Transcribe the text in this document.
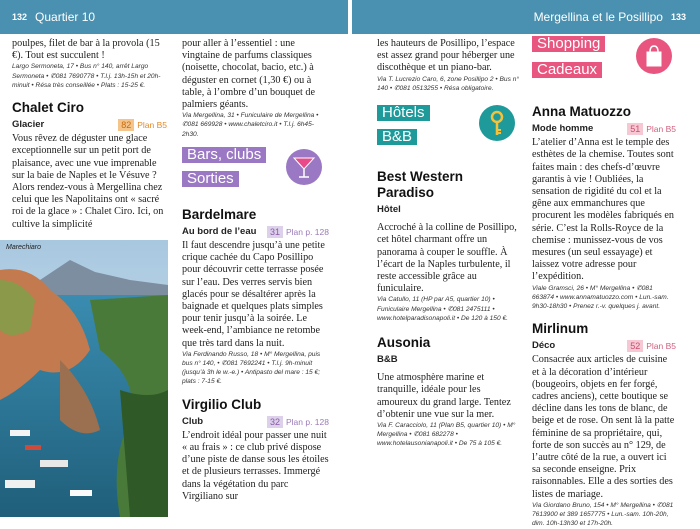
132 Quartier 10	Mergellina et le Posillipo 133

poulpes, filet de bar à la provola (15 €). Tout est succulent !

Largo Sermoneta, 17 • Bus n° 140, arrêt Largo Sermoneta • ✆081 7690778 • T.l.j. 13h-15h et 20h-minuit • Résa très conseillée • Plats : 15-25 €.

Chalet Ciro
Glacier	82 Plan B5

Vous rêvez de déguster une glace exceptionnelle sur un petit port de plaisance, avec une vue imprenable sur la baie de Naples et le Vésuve ? Alors rendez-vous à Mergellina chez celui que les Napolitains ont « sacré roi de la glace » : Chalet Ciro. Ici, on cultive la simplicité

Marechiaro

pour aller à l’essentiel : une vingtaine de parfums classiques (noisette, chocolat, bacio, etc.) à déguster en cornet (1,30 €) ou à table, à l’ombre d’un bouquet de palmiers géants.

Via Mergellina, 31 • Funiculaire de Mergellina • ✆081 669928 • www.chaletciro.it • T.l.j. 6h45-2h30.

Bars, clubs
Sorties
Bardelmare
Au bord de l’eau	31 Plan p. 128

Il faut descendre jusqu’à une petite crique cachée du Capo Posillipo pour découvrir cette terrasse posée sur l’eau. Des verres servis bien glacés pour se désaltérer après la baignade et quelques plats simples pour tenir jusqu’à la soirée. Le week-end, l’ambiance ne retombe que très tard dans la nuit.

Via Ferdinando Russo, 18 • M° Mergellina, puis bus n° 140, • ✆081 7692241 • T.l.j. 9h-minuit (jusqu’à 3h le w.-e.) • Antipasto del mare : 15 €; plats : 7-15 €.

Virgilio Club
Club	32 Plan p. 128

L’endroit idéal pour passer une nuit « au frais » : ce club privé dispose d’une piste de danse sous les étoiles et de plusieurs terrasses. Immergé dans la végétation du parc Virgiliano sur

les hauteurs de Posillipo, l’espace est assez grand pour héberger une discothèque et un piano-bar.

Via T. Lucrezio Caro, 6, zone Posillipo 2 • Bus n° 140 • ✆081 0513255 • Résa obligatoire.

Hôtels
B&B
Best Western Paradiso
Hôtel

Accroché à la colline de Posillipo, cet hôtel charmant offre un panorama à couper le souffle. À l’écart de la Naples turbulente, il reste accessible grâce au funiculaire.

Via Catullo, 11 (HP par A5, quartier 10) • Funiculaire Mergellina • ✆081 2475111 • www.hotelparadisonapoli.it • De 120 à 150 €.

Ausonia
B&B

Une atmosphère marine et tranquille, idéale pour les amoureux du grand large. Tentez d’obtenir une vue sur la mer.

Via F. Caracciolo, 11 (Plan B5, quartier 10) • M° Mergellina • ✆081 682278 • www.hotelausonianapoli.it • De 75 à 105 €.

Shopping
Cadeaux
Anna Matuozzo
Mode homme	51 Plan B5

L’atelier d’Anna est le temple des esthètes de la chemise. Toutes sont faites main : des chefs-d’œuvre garantis à vie ! Oubliées, la sensation de rigidité du col et la gêne aux emmanchures que procurent les modèles fabriqués en série. C’est la Rolls-Royce de la chemise : munissez-vous de vos mesures (un seul essayage) et laissez votre adresse pour l’expédition.

Viale Gramsci, 26 • M° Mergellina • ✆081 663874 • www.annamatuozzo.com • Lun.-sam. 9h30-18h30 • Prenez r.-v. quelques j. avant.

Mirlinum
Déco	52 Plan B5

Consacrée aux articles de cuisine et à la décoration d’intérieur (bougeoirs, objets en fer forgé, cadres anciens), cette boutique se décline dans les tons de blanc, de beige et de rose. On sent là la patte féminine de sa propriétaire, qui, forte de son succès au n° 129, de l’autre côté de la rue, a ouvert ici sa seconde enseigne. Prix raisonnables. Elle a des sorties des listes de mariage.

Via Giordano Bruno, 154 • M° Mergellina • ✆081 7613900 et 389 1657775 • Lun.-sam. 10h-20h, dim. 10h-13h30 et 17h-20h.
